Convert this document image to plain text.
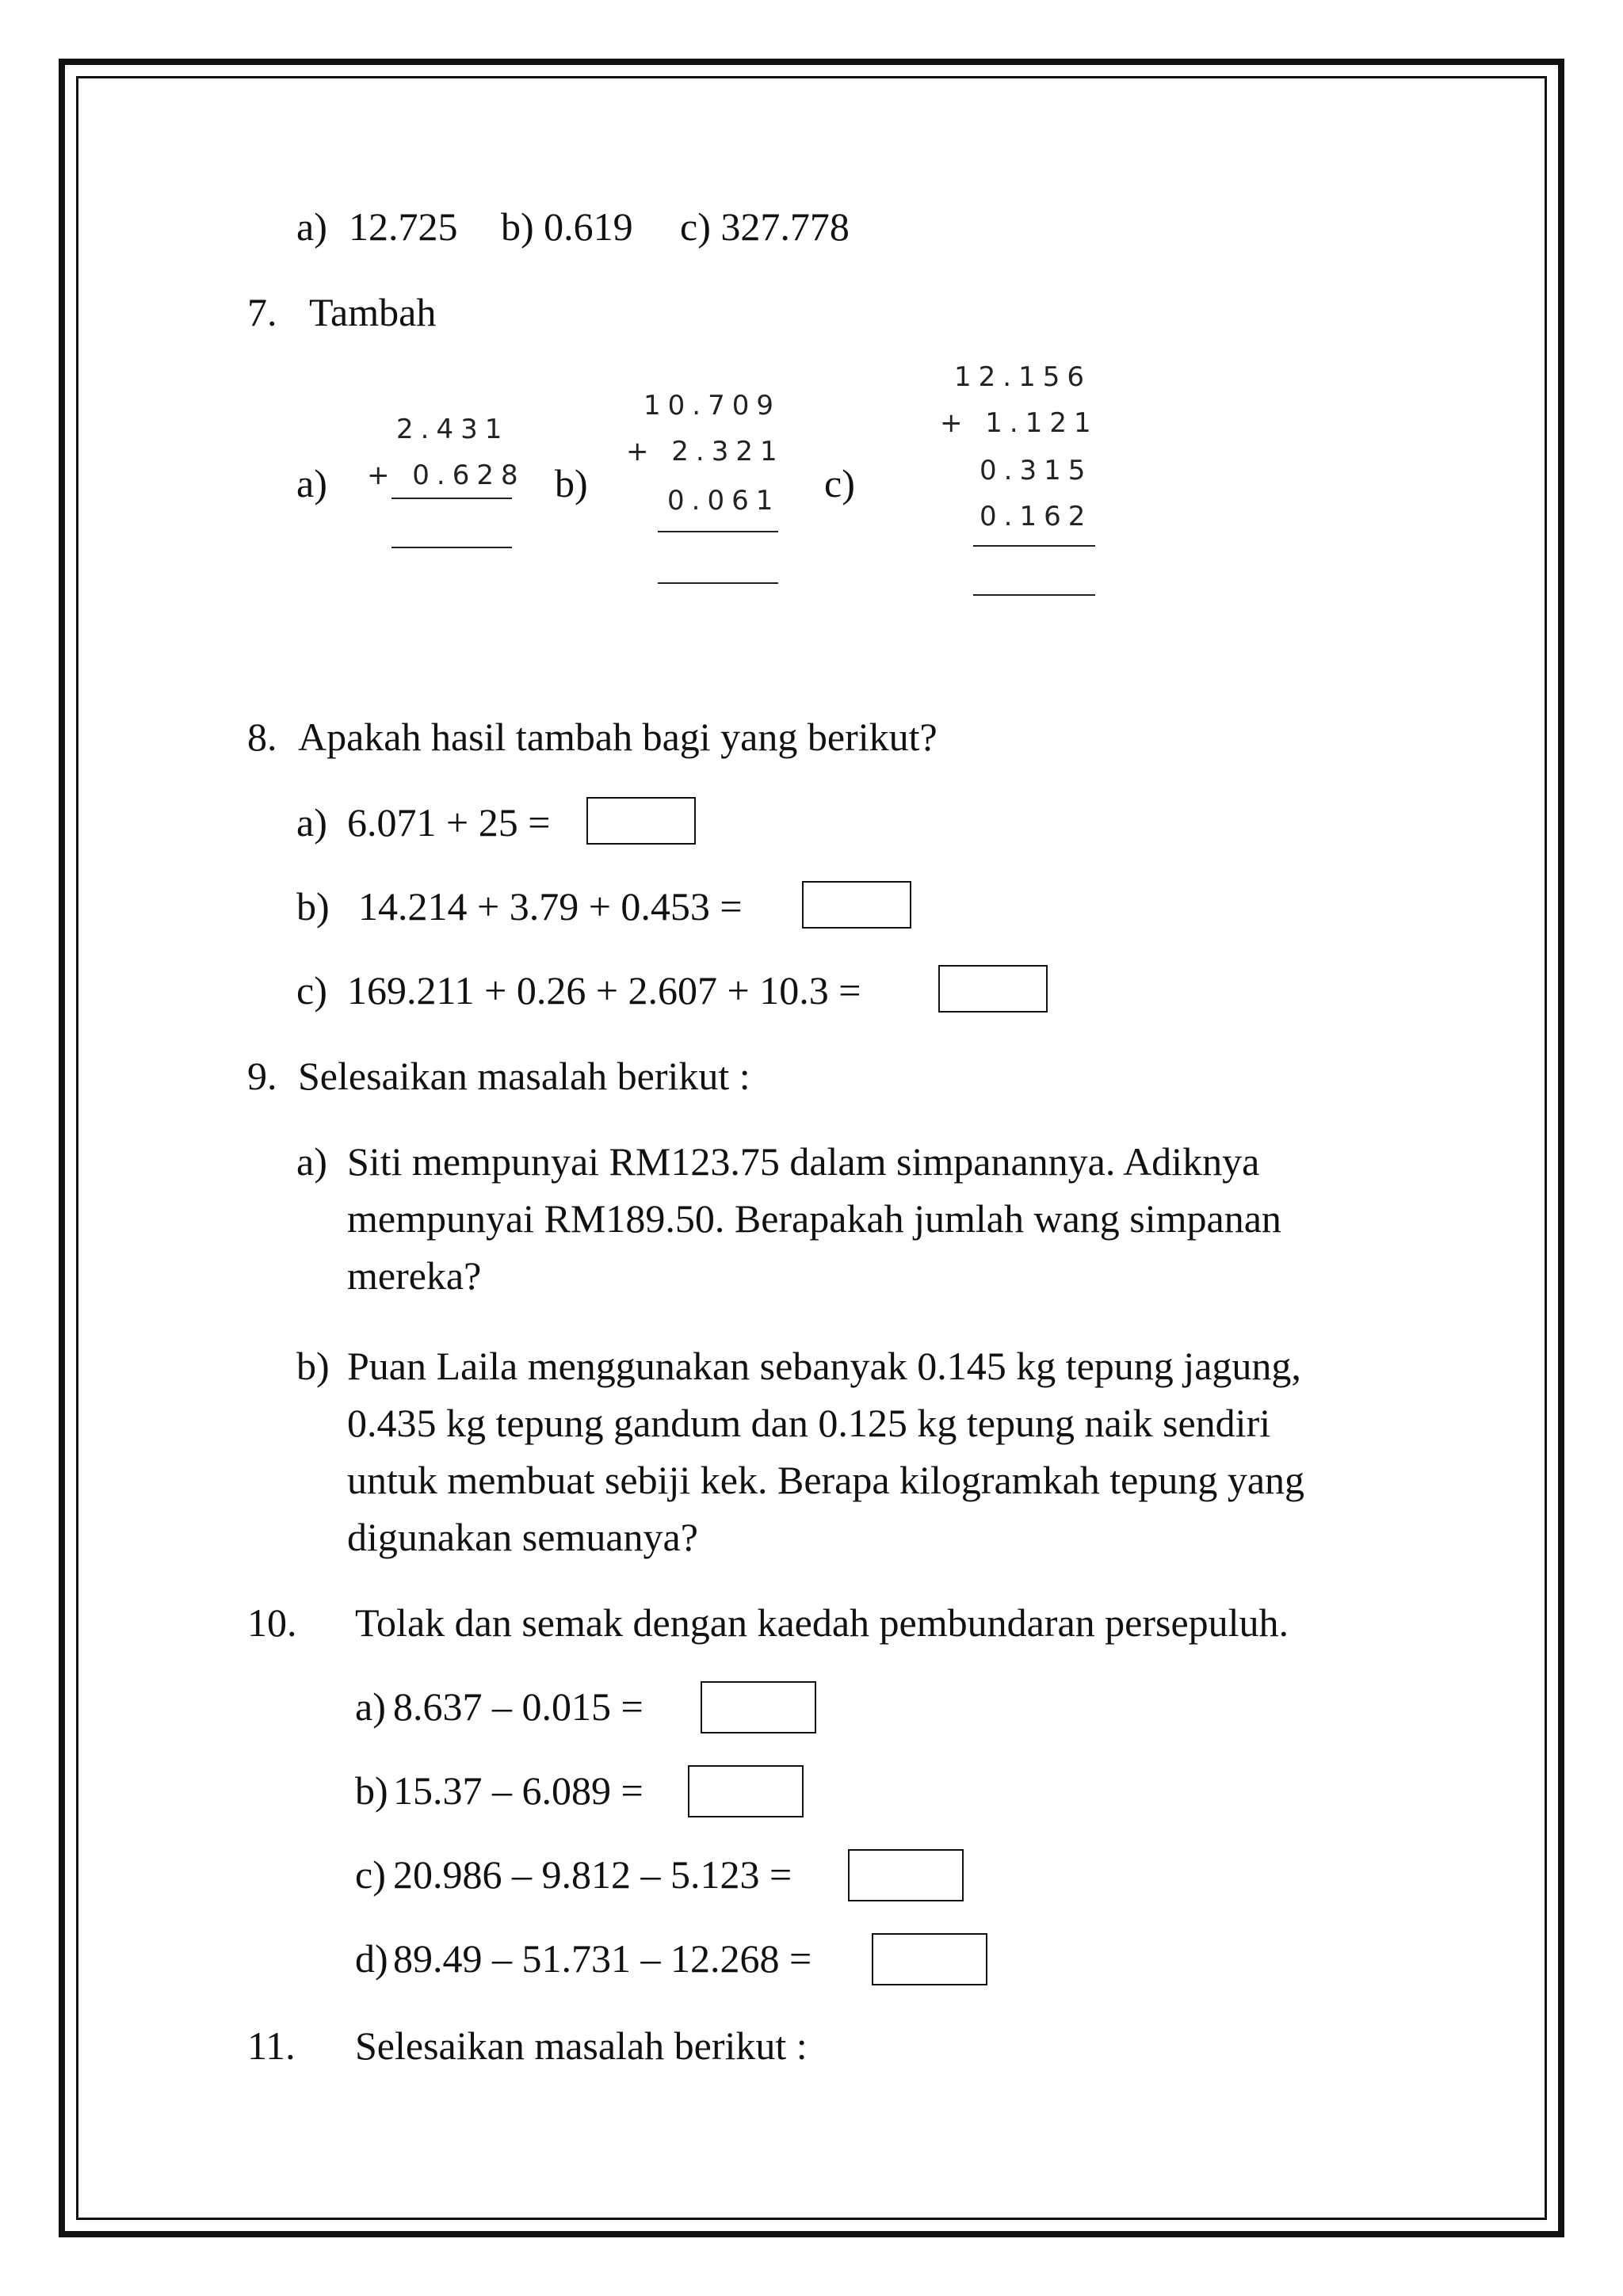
a) 12.725 b) 0.619 c) 327.778
7. Tambah
a)
2.431
+ 0.628 b)
10.709
+ 2.321
0.061 c)
12.156
+ 1.121
0.315
0.162
8. Apakah hasil tambah bagi yang berikut?
a) 6.071 + 25 =
b) 14.214 + 3.79 + 0.453 =
c) 169.211 + 0.26 + 2.607 + 10.3 =
9. Selesaikan masalah berikut :
a) Siti mempunyai RM123.75 dalam simpanannya. Adiknya
mempunyai RM189.50. Berapakah jumlah wang simpanan
mereka?
b) Puan Laila menggunakan sebanyak 0.145 kg tepung jagung,
0.435 kg tepung gandum dan 0.125 kg tepung naik sendiri
untuk membuat sebiji kek. Berapa kilogramkah tepung yang
digunakan semuanya?
10. Tolak dan semak dengan kaedah pembundaran persepuluh.
a) 8.637 – 0.015 =
b) 15.37 – 6.089 =
c) 20.986 – 9.812 – 5.123 =
d) 89.49 – 51.731 – 12.268 =
11. Selesaikan masalah berikut :
